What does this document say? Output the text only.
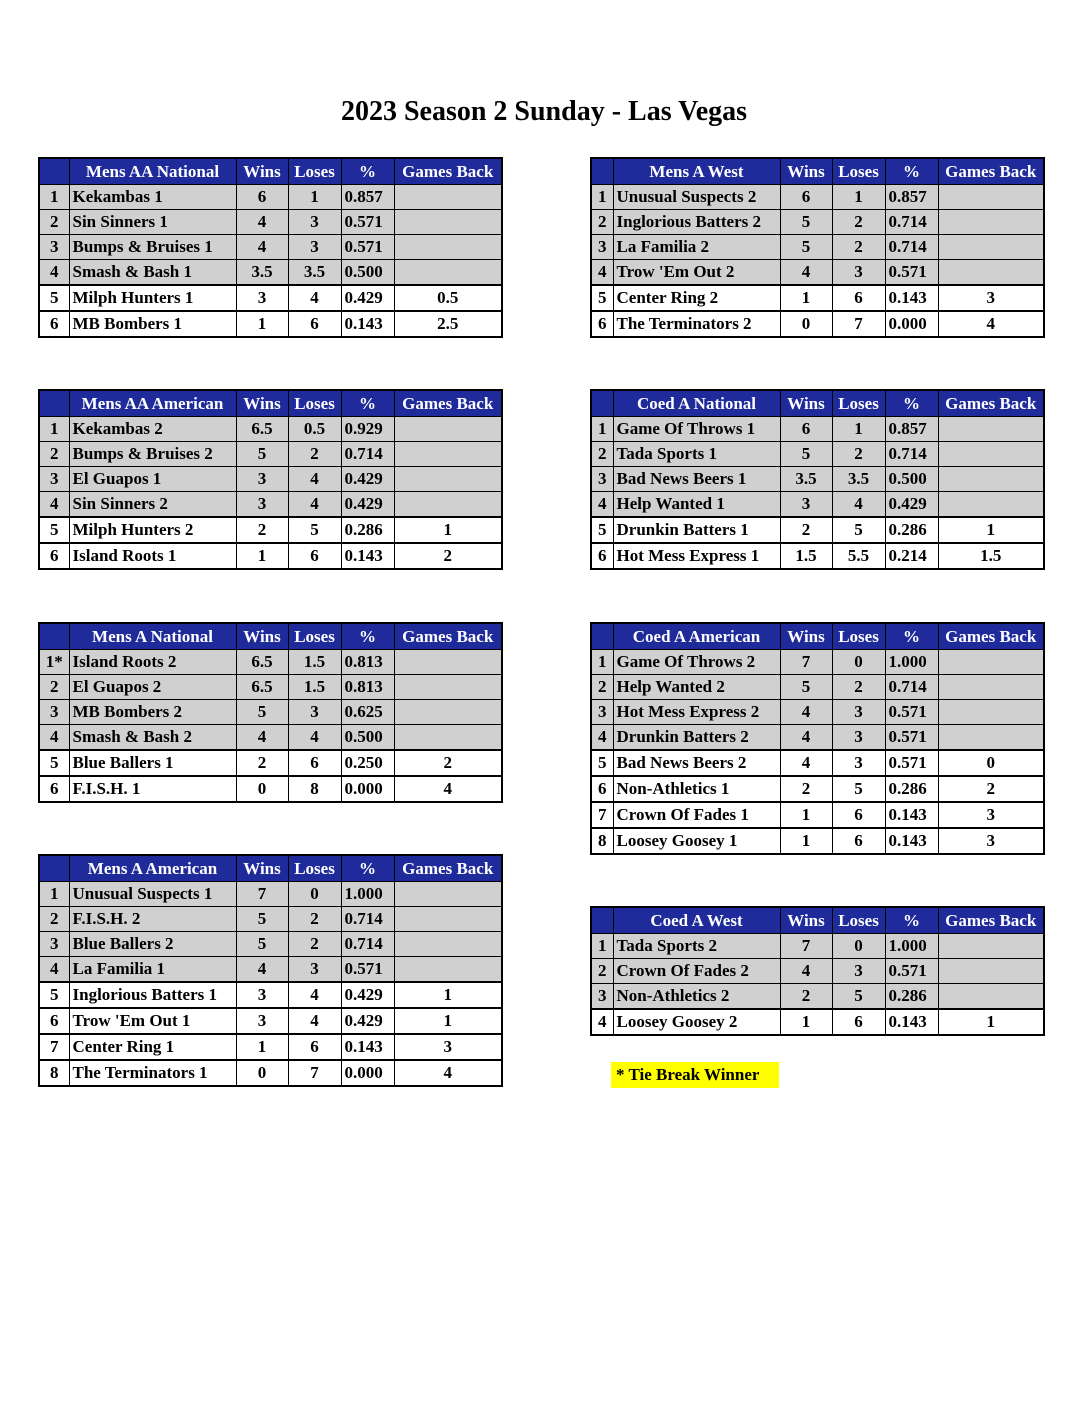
2023 Season 2 Sunday - Las Vegas
	Mens AA National	Wins	Loses	%	Games Back
1	Kekambas 1	6	1	0.857	
2	Sin Sinners 1	4	3	0.571	
3	Bumps & Bruises 1	4	3	0.571	
4	Smash & Bash 1	3.5	3.5	0.500	
5	Milph Hunters 1	3	4	0.429	0.5
6	MB Bombers 1	1	6	0.143	2.5
	Mens A West	Wins	Loses	%	Games Back
1	Unusual Suspects 2	6	1	0.857	
2	Inglorious Batters 2	5	2	0.714	
3	La Familia 2	5	2	0.714	
4	Trow 'Em Out 2	4	3	0.571	
5	Center Ring 2	1	6	0.143	3
6	The Terminators 2	0	7	0.000	4
	Mens AA American	Wins	Loses	%	Games Back
1	Kekambas 2	6.5	0.5	0.929	
2	Bumps & Bruises 2	5	2	0.714	
3	El Guapos 1	3	4	0.429	
4	Sin Sinners 2	3	4	0.429	
5	Milph Hunters 2	2	5	0.286	1
6	Island Roots 1	1	6	0.143	2
	Coed A National	Wins	Loses	%	Games Back
1	Game Of Throws 1	6	1	0.857	
2	Tada Sports 1	5	2	0.714	
3	Bad News Beers 1	3.5	3.5	0.500	
4	Help Wanted 1	3	4	0.429	
5	Drunkin Batters 1	2	5	0.286	1
6	Hot Mess Express 1	1.5	5.5	0.214	1.5
	Mens A National	Wins	Loses	%	Games Back
1*	Island Roots 2	6.5	1.5	0.813	
2	El Guapos 2	6.5	1.5	0.813	
3	MB Bombers 2	5	3	0.625	
4	Smash & Bash 2	4	4	0.500	
5	Blue Ballers 1	2	6	0.250	2
6	F.I.S.H. 1	0	8	0.000	4
	Coed A American	Wins	Loses	%	Games Back
1	Game Of Throws 2	7	0	1.000	
2	Help Wanted 2	5	2	0.714	
3	Hot Mess Express 2	4	3	0.571	
4	Drunkin Batters 2	4	3	0.571	
5	Bad News Beers 2	4	3	0.571	0
6	Non-Athletics 1	2	5	0.286	2
7	Crown Of Fades 1	1	6	0.143	3
8	Loosey Goosey 1	1	6	0.143	3
	Mens A American	Wins	Loses	%	Games Back
1	Unusual Suspects 1	7	0	1.000	
2	F.I.S.H. 2	5	2	0.714	
3	Blue Ballers 2	5	2	0.714	
4	La Familia 1	4	3	0.571	
5	Inglorious Batters 1	3	4	0.429	1
6	Trow 'Em Out 1	3	4	0.429	1
7	Center Ring 1	1	6	0.143	3
8	The Terminators 1	0	7	0.000	4
	Coed A West	Wins	Loses	%	Games Back
1	Tada Sports 2	7	0	1.000	
2	Crown Of Fades 2	4	3	0.571	
3	Non-Athletics 2	2	5	0.286	
4	Loosey Goosey 2	1	6	0.143	1
* Tie Break Winner
